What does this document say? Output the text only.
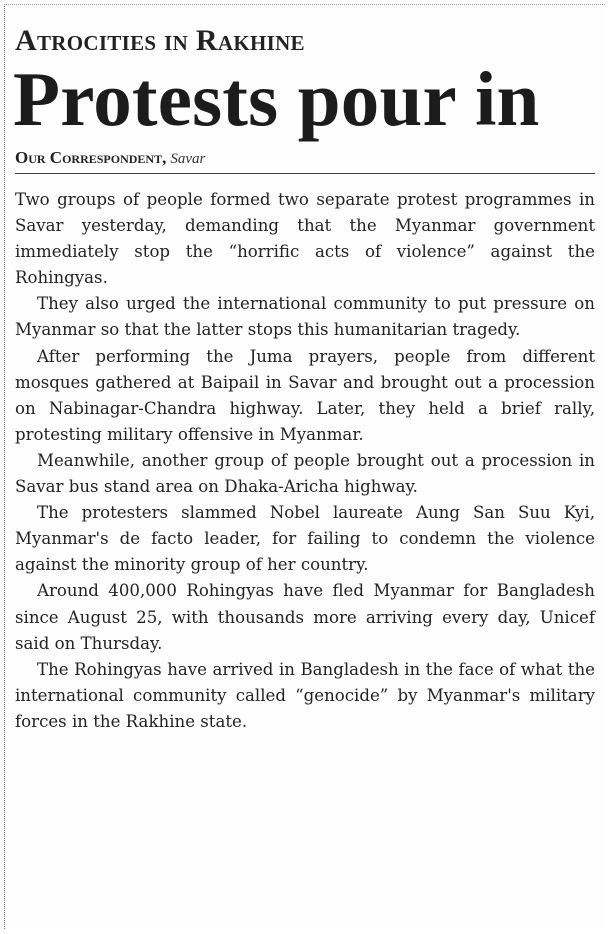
Atrocities in Rakhine
Protests pour in

Our Correspondent, Savar

Two groups of people formed two separate protest programmes in Savar yesterday, demanding that the Myanmar government immediately stop the “horrific acts of violence” against the Rohingyas.

They also urged the international community to put pressure on Myanmar so that the latter stops this humanitarian tragedy.

After performing the Juma prayers, people from different mosques gathered at Baipail in Savar and brought out a procession on Nabinagar-Chandra highway. Later, they held a brief rally, protesting military offensive in Myanmar.

Meanwhile, another group of people brought out a procession in Savar bus stand area on Dhaka-Aricha highway.

The protesters slammed Nobel laureate Aung San Suu Kyi, Myanmar's de facto leader, for failing to condemn the violence against the minority group of her country.

Around 400,000 Rohingyas have fled Myanmar for Bangladesh since August 25, with thousands more arriving every day, Unicef said on Thursday.

The Rohingyas have arrived in Bangladesh in the face of what the international community called “genocide” by Myanmar's military forces in the Rakhine state.
